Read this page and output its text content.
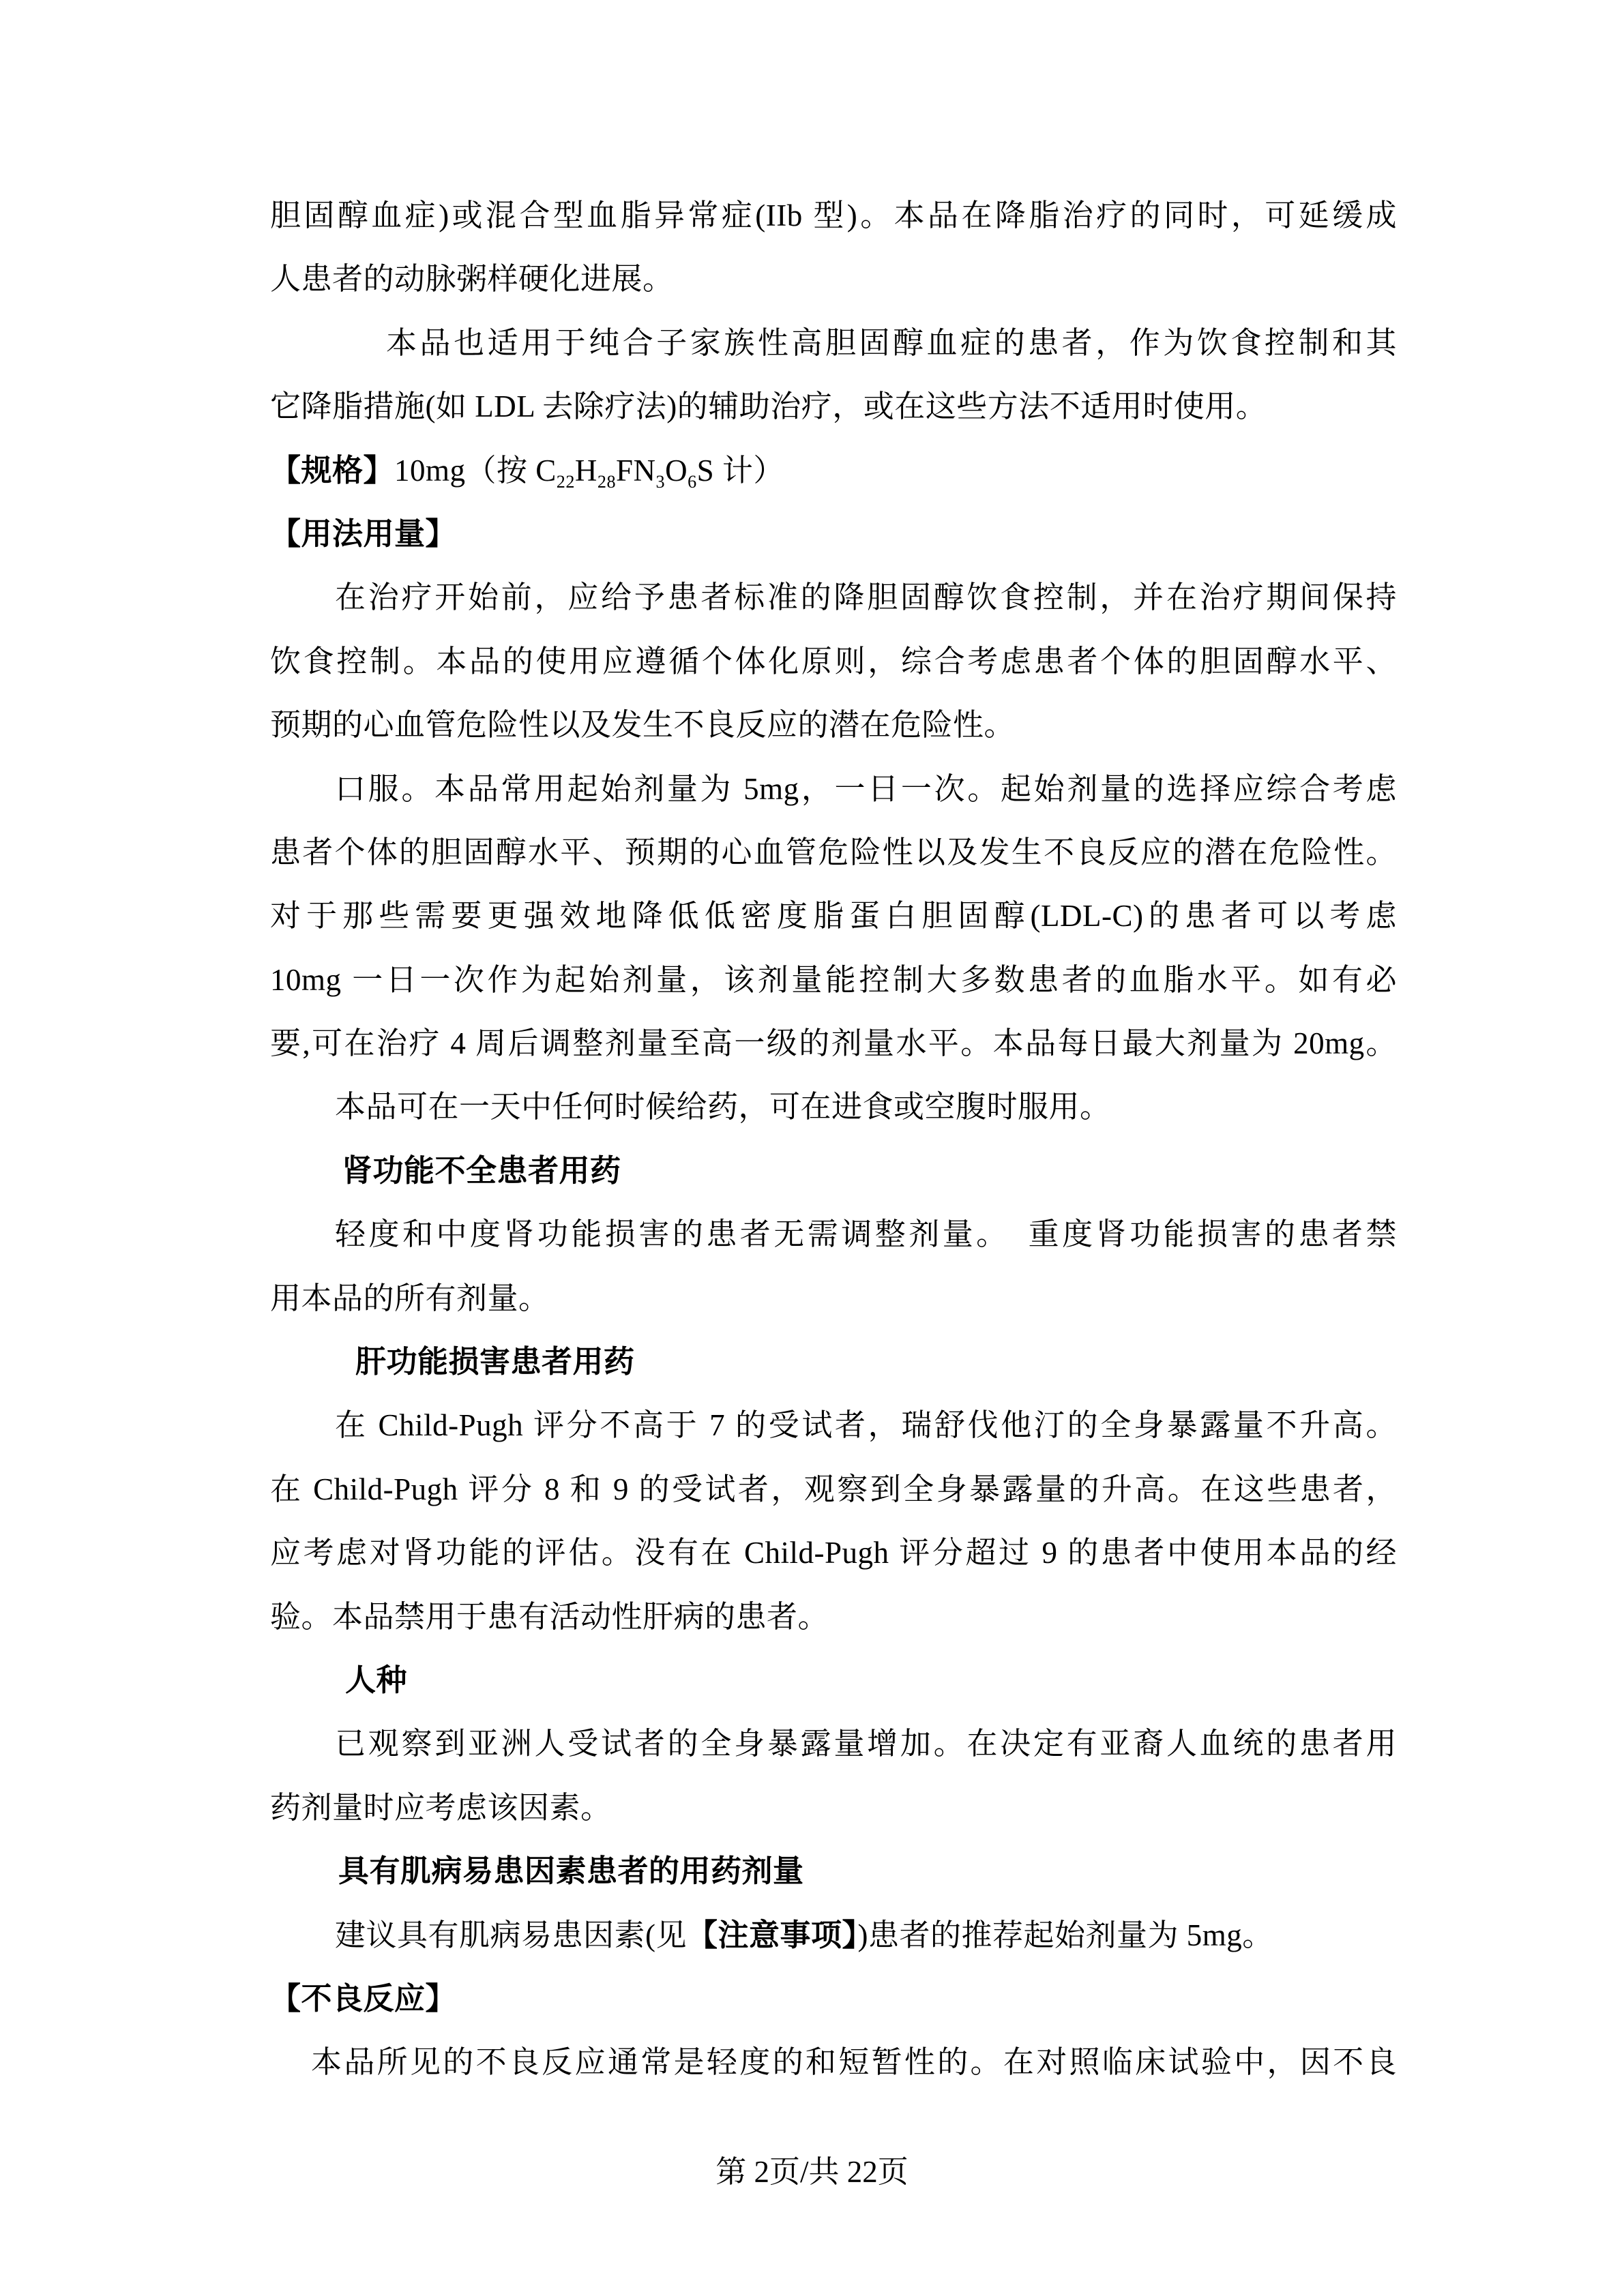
胆固醇血症)或混合型血脂异常症(IIb 型)。本品在降脂治疗的同时，可延缓成
人患者的动脉粥样硬化进展。
本品也适用于纯合子家族性高胆固醇血症的患者，作为饮食控制和其
它降脂措施(如 LDL 去除疗法)的辅助治疗，或在这些方法不适用时使用。
【规格】10mg（按 $C_{22}H_{28}FN_3O_6S$ 计）
【用法用量】
在治疗开始前，应给予患者标准的降胆固醇饮食控制，并在治疗期间保持
饮食控制。本品的使用应遵循个体化原则，综合考虑患者个体的胆固醇水平、
预期的心血管危险性以及发生不良反应的潜在危险性。
口服。本品常用起始剂量为 5mg，一日一次。起始剂量的选择应综合考虑
患者个体的胆固醇水平、预期的心血管危险性以及发生不良反应的潜在危险性。
对于那些需要更强效地降低低密度脂蛋白胆固醇(LDL-C)的患者可以考虑
10mg 一日一次作为起始剂量，该剂量能控制大多数患者的血脂水平。如有必
要,可在治疗 4 周后调整剂量至高一级的剂量水平。本品每日最大剂量为 20mg。
本品可在一天中任何时候给药，可在进食或空腹时服用。
肾功能不全患者用药
轻度和中度肾功能损害的患者无需调整剂量。　重度肾功能损害的患者禁
用本品的所有剂量。
肝功能损害患者用药
在 Child-Pugh 评分不高于 7 的受试者，瑞舒伐他汀的全身暴露量不升高。
在 Child-Pugh 评分 8 和 9 的受试者，观察到全身暴露量的升高。在这些患者，
应考虑对肾功能的评估。没有在 Child-Pugh 评分超过 9 的患者中使用本品的经
验。本品禁用于患有活动性肝病的患者。
人种
已观察到亚洲人受试者的全身暴露量增加。在决定有亚裔人血统的患者用
药剂量时应考虑该因素。
具有肌病易患因素患者的用药剂量
建议具有肌病易患因素(见【注意事项】)患者的推荐起始剂量为 5mg。
【不良反应】
本品所见的不良反应通常是轻度的和短暂性的。在对照临床试验中，因不良
第 2页/共 22页
